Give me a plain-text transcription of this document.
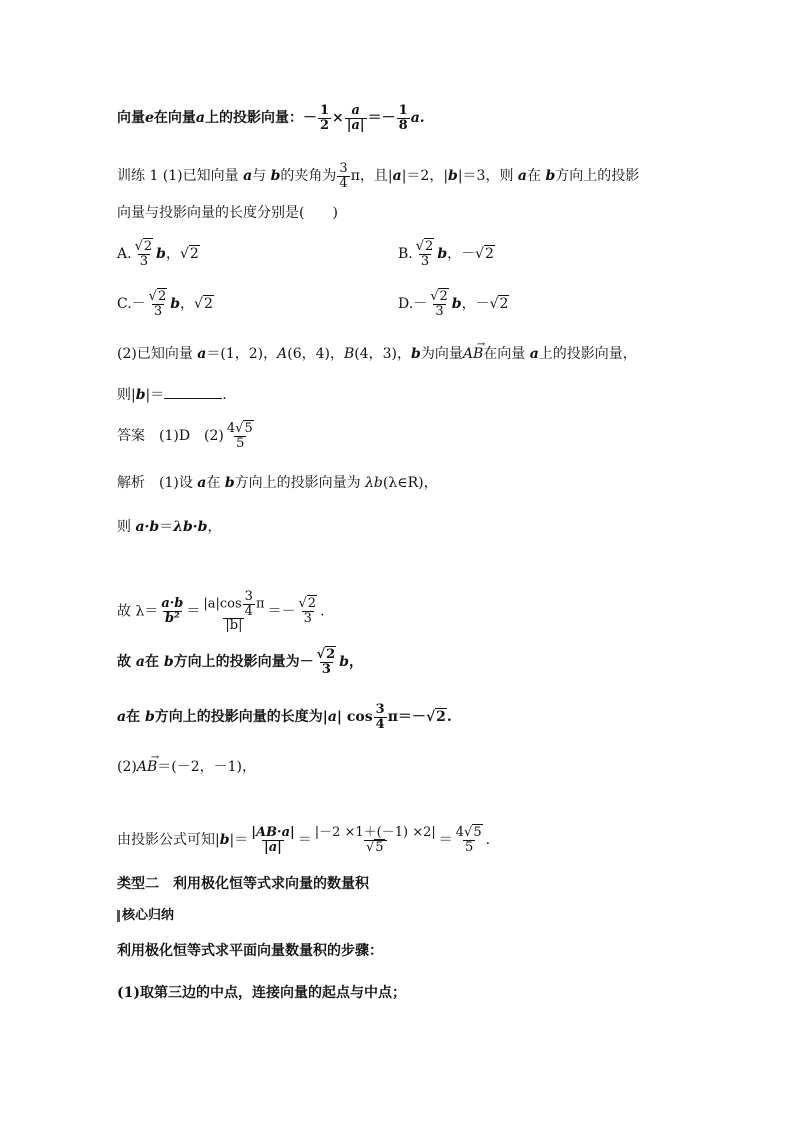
向量e在向量a上的投影向量：－ $\frac{1}{2} \times \frac{a}{|a|} =- \frac{1}{8} a$.
训练 1 (1)已知向量 a与 b的夹角为 $\frac{3}{4}$ π，且|a|＝2，|b|＝3，则 a在 b方向上的投影
向量与投影向量的长度分别是(　　)
A. $\frac{√2}{3}$ b，√2	B. $\frac{√2}{3}$ b，－√2
$C.- \frac{√2}{3}$ b，√2	$D.- \frac{√2}{3}$ b，－√2
(2)已知向量 a＝(1，2)，A(6，4)，B(4，3)，b为向量AB
→
在向量 a上的投影向量，
则|b|＝	.
答案 (1)D　$(2) \frac{4√5}{5}$
解析 (1)设 a在 b方向上的投影向量为 λb(λ∈R)，
则 a·b＝λb·b，
故 $\lambda= \frac{a\cdot b}{\text{b²}} = \frac{|a|\cos \frac{3}{4} \pi}{|b|} =- \frac{√2}{3}$ .
故 a在 b方向上的投影向量为－ $\frac{√2}{3}$ b，
a在 b方向上的投影向量的长度为|a| $\cos \frac{3}{4} \pi=-√2$.
(2)AB
→
＝(－2，－1)，
由投影公式可知$|b|= \frac{|AB\cdot a|}{|a|} = \frac{|-2 \times 1+(-1) \times 2|}{√5} = \frac{4√5}{5}$ .
类型二　利用极化恒等式求向量的数量积
核心归纳
利用极化恒等式求平面向量数量积的步骤：
(1)取第三边的中点，连接向量的起点与中点；
